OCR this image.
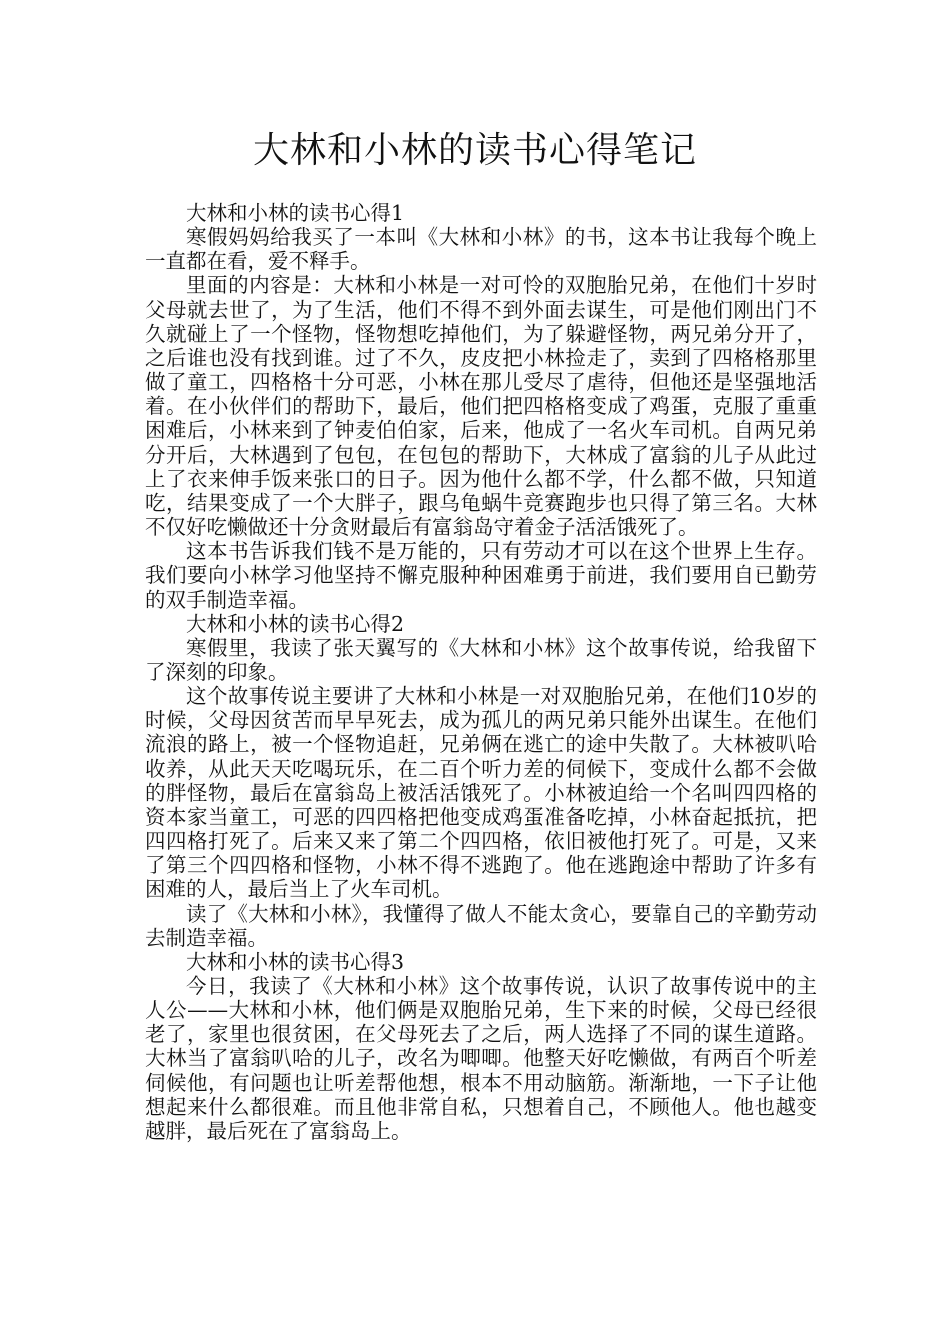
大林和小林的读书心得笔记

大林和小林的读书心得1

寒假妈妈给我买了一本叫《大林和小林》的书，这本书让我每个晚上一直都在看，爱不释手。

里面的内容是：大林和小林是一对可怜的双胞胎兄弟，在他们十岁时父母就去世了，为了生活，他们不得不到外面去谋生，可是他们刚出门不久就碰上了一个怪物，怪物想吃掉他们，为了躲避怪物，两兄弟分开了，之后谁也没有找到谁。过了不久，皮皮把小林捡走了，卖到了四格格那里做了童工，四格格十分可恶，小林在那儿受尽了虐待，但他还是坚强地活着。在小伙伴们的帮助下，最后，他们把四格格变成了鸡蛋，克服了重重困难后，小林来到了钟麦伯伯家，后来，他成了一名火车司机。自两兄弟分开后，大林遇到了包包，在包包的帮助下，大林成了富翁的儿子从此过上了衣来伸手饭来张口的日子。因为他什么都不学，什么都不做，只知道吃，结果变成了一个大胖子，跟乌龟蜗牛竞赛跑步也只得了第三名。大林不仅好吃懒做还十分贪财最后有富翁岛守着金子活活饿死了。

这本书告诉我们钱不是万能的，只有劳动才可以在这个世界上生存。我们要向小林学习他坚持不懈克服种种困难勇于前进，我们要用自已勤劳的双手制造幸福。

大林和小林的读书心得2

寒假里，我读了张天翼写的《大林和小林》这个故事传说，给我留下了深刻的印象。

这个故事传说主要讲了大林和小林是一对双胞胎兄弟，在他们10岁的时候，父母因贫苦而早早死去，成为孤儿的两兄弟只能外出谋生。在他们流浪的路上，被一个怪物追赶，兄弟俩在逃亡的途中失散了。大林被叭哈收养，从此天天吃喝玩乐，在二百个听力差的伺候下，变成什么都不会做的胖怪物，最后在富翁岛上被活活饿死了。小林被迫给一个名叫四四格的资本家当童工，可恶的四四格把他变成鸡蛋准备吃掉，小林奋起抵抗，把四四格打死了。后来又来了第二个四四格，依旧被他打死了。可是，又来了第三个四四格和怪物，小林不得不逃跑了。他在逃跑途中帮助了许多有困难的人，最后当上了火车司机。

读了《大林和小林》，我懂得了做人不能太贪心，要靠自己的辛勤劳动去制造幸福。

大林和小林的读书心得3

今日，我读了《大林和小林》这个故事传说，认识了故事传说中的主人公——大林和小林，他们俩是双胞胎兄弟，生下来的时候，父母已经很老了，家里也很贫困，在父母死去了之后，两人选择了不同的谋生道路。大林当了富翁叭哈的儿子，改名为唧唧。他整天好吃懒做，有两百个听差伺候他，有问题也让听差帮他想，根本不用动脑筋。渐渐地，一下子让他想起来什么都很难。而且他非常自私，只想着自己，不顾他人。他也越变越胖，最后死在了富翁岛上。
